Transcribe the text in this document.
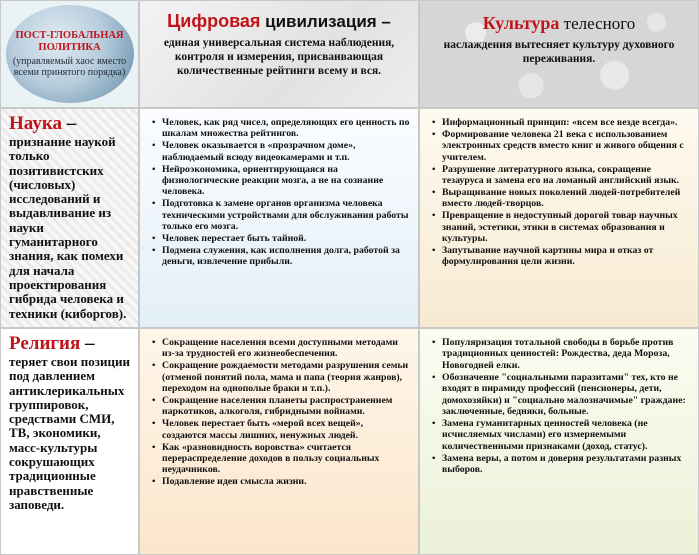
ПОСТ-ГЛОБАЛЬНАЯ ПОЛИТИКА
(управляемый хаос вместо всеми принятого порядка)
Цифровая цивилизация –
единая универсальная система наблюдения, контроля и измерения, присваивающая количественные рейтинги всему и вся.
Культура телесного
наслаждения вытесняет культуру духовного переживания.
Наука –
признание наукой только позитивистских (числовых) исследований и выдавливание из науки гуманитарного знания, как помехи для начала проектирования гибрида человека и техники (киборгов).
• Человек, как ряд чисел, определяющих его ценность по шкалам множества рейтингов.
• Человек оказывается в «прозрачном доме», наблюдаемый всюду видеокамерами и т.п.
• Нейроэкономика, ориентирующаяся на физиологические реакции мозга, а не на сознание человека.
• Подготовка к замене органов организма человека техническими устройствами для обслуживания работы только его мозга.
• Человек перестает быть тайной.
• Подмена служения, как исполнения долга, работой за деньги, извлечение прибыли.
• Информационный принцип: «всем все везде всегда».
• Формирование человека 21 века с использованием электронных средств вместо книг и живого общения с учителем.
• Разрушение литературного языка, сокращение тезауруса и замена его на ломаный английский язык.
• Выращивание новых поколений людей-потребителей вместо людей-творцов.
• Превращение в недоступный дорогой товар научных знаний, эстетики, этики в системах образования и культуры.
• Запутывание научной картины мира и отказ от формулирования цели жизни.
Религия –
теряет свои позиции под давлением антиклерикальных группировок, средствами СМИ, ТВ, экономики, масс-культуры сокрушающих традиционные нравственные заповеди.
• Сокращение населения всеми доступными методами из-за трудностей его жизнеобеспечения.
• Сокращение рождаемости методами разрушения семьи (отменой понятий пола, мама и папа (теория жанров), переходом на однополые браки и т.п.).
• Сокращение населения планеты распространением наркотиков, алкоголя, гибридными войнами.
• Человек перестает быть «мерой всех вещей», создаются массы лишних, ненужных людей.
• Как «разновидность воровства» считается перераспределение доходов в пользу социальных неудачников.
• Подавление идеи смысла жизни.
• Популяризация тотальной свободы в борьбе против традиционных ценностей: Рождества, деда Мороза, Новогодней елки.
• Обозначение "социальными паразитами" тех, кто не входят в пирамиду профессий (пенсионеры, дети, домохозяйки) и "социально малозначимые" граждане: заключенные, бедняки, больные.
• Замена гуманитарных ценностей человека (не исчисляемых числами) его измеряемыми количественными признаками (доход, статус).
• Замена веры, а потом и доверия результатами разных выборов.
